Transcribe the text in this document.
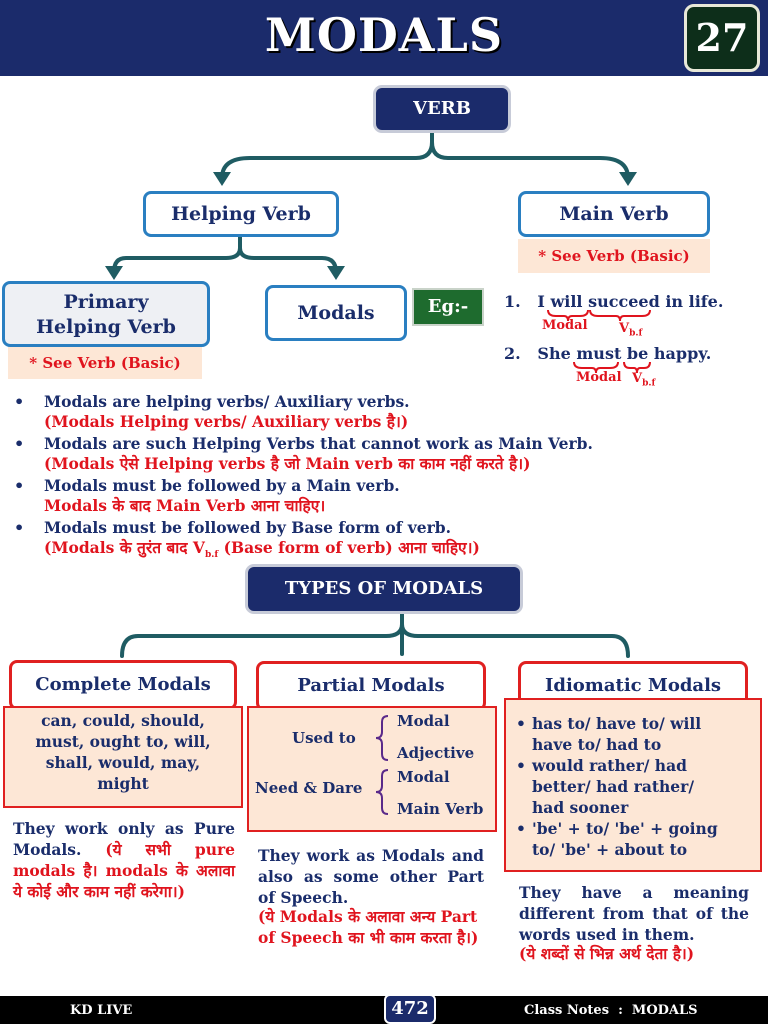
MODALS	27
VERB
Helping Verb	Main Verb
* See Verb (Basic)
Primary
Helping Verb
* See Verb (Basic)
Modals	Eg:-	1. I will succeed in life.
Modal $V_{b.f}$
2. She must be happy.
Modal $V_{b.f}$
• Modals are helping verbs/ Auxiliary verbs.
(Modals Helping verbs/ Auxiliary verbs है।)
• Modals are such Helping Verbs that cannot work as Main Verb.
(Modals ऐसे Helping verbs है जो Main verb का काम नहीं करते है।)
• Modals must be followed by a Main verb.
Modals के बाद Main Verb आना चाहिए।
• Modals must be followed by Base form of verb.
(Modals के तुरंत बाद $V_{b.f}$ (Base form of verb) आना चाहिए।)
TYPES OF MODALS
Complete Modals
can, could, should,
must, ought to, will,
shall, would, may,
might
They work only as Pure Modals. (ये सभी pure modals है। modals के अलावा ये कोई और काम नहीं करेगा।)
Partial Modals
Used to
Modal
Adjective
Need & Dare
Modal
Main Verb
They work as Modals and also as some other Part of Speech.
(ये Modals के अलावा अन्य Part of Speech का भी काम करता है।)
Idiomatic Modals
• has to/ have to/ will have to/ had to
• would rather/ had better/ had rather/ had sooner
• 'be' + to/ 'be' + going to/ 'be' + about to
They have a meaning different from that of the words used in them.
(ये शब्दों से भिन्न अर्थ देता है।)
KD LIVE	472	Class Notes  :  MODALS
